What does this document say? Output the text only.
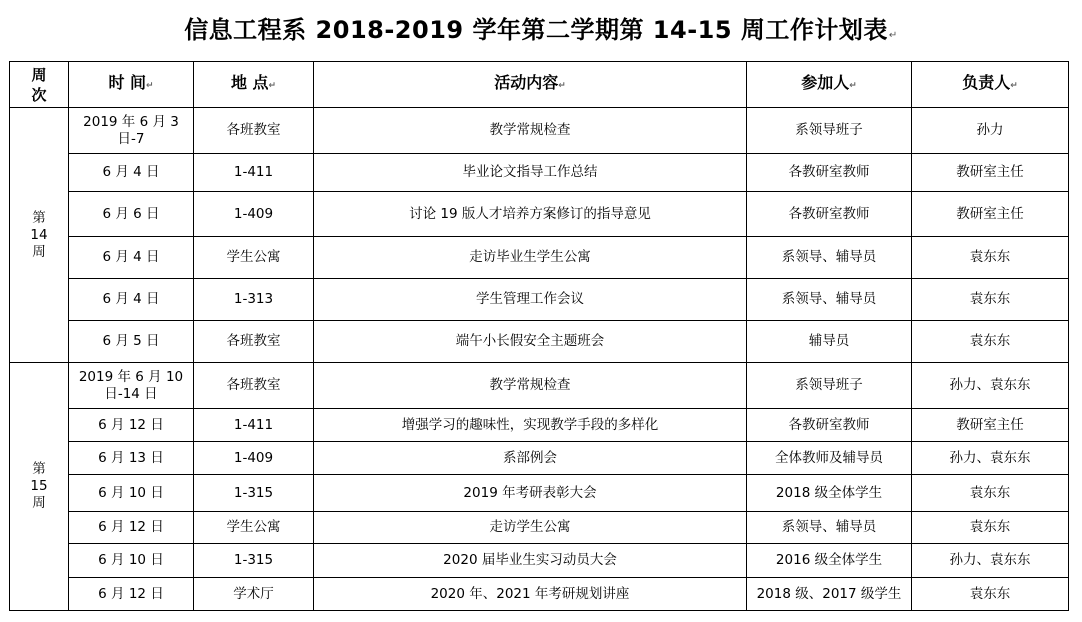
信息工程系 2018-2019 学年第二学期第 14-15 周工作计划表↵
周
次	时 间↵	地 点↵	活动内容↵	参加人↵	负责人↵

第
14
周	2019 年 6 月 3 日-7	各班教室	教学常规检查	系领导班子	孙力
	6 月 4 日	1-411	毕业论文指导工作总结	各教研室教师	教研室主任
	6 月 6 日	1-409	讨论 19 版人才培养方案修订的指导意见	各教研室教师	教研室主任
	6 月 4 日	学生公寓	走访毕业生学生公寓	系领导、辅导员	袁东东
	6 月 4 日	1-313	学生管理工作会议	系领导、辅导员	袁东东
	6 月 5 日	各班教室	端午小长假安全主题班会	辅导员	袁东东

第
15
周	2019 年 6 月 10 日-14 日	各班教室	教学常规检查	系领导班子	孙力、袁东东
	6 月 12 日	1-411	增强学习的趣味性，实现教学手段的多样化	各教研室教师	教研室主任
	6 月 13 日	1-409	系部例会	全体教师及辅导员	孙力、袁东东
	6 月 10 日	1-315	2019 年考研表彰大会	2018 级全体学生	袁东东
	6 月 12 日	学生公寓	走访学生公寓	系领导、辅导员	袁东东
	6 月 10 日	1-315	2020 届毕业生实习动员大会	2016 级全体学生	孙力、袁东东
	6 月 12 日	学术厅	2020 年、2021 年考研规划讲座	2018 级、2017 级学生	袁东东
